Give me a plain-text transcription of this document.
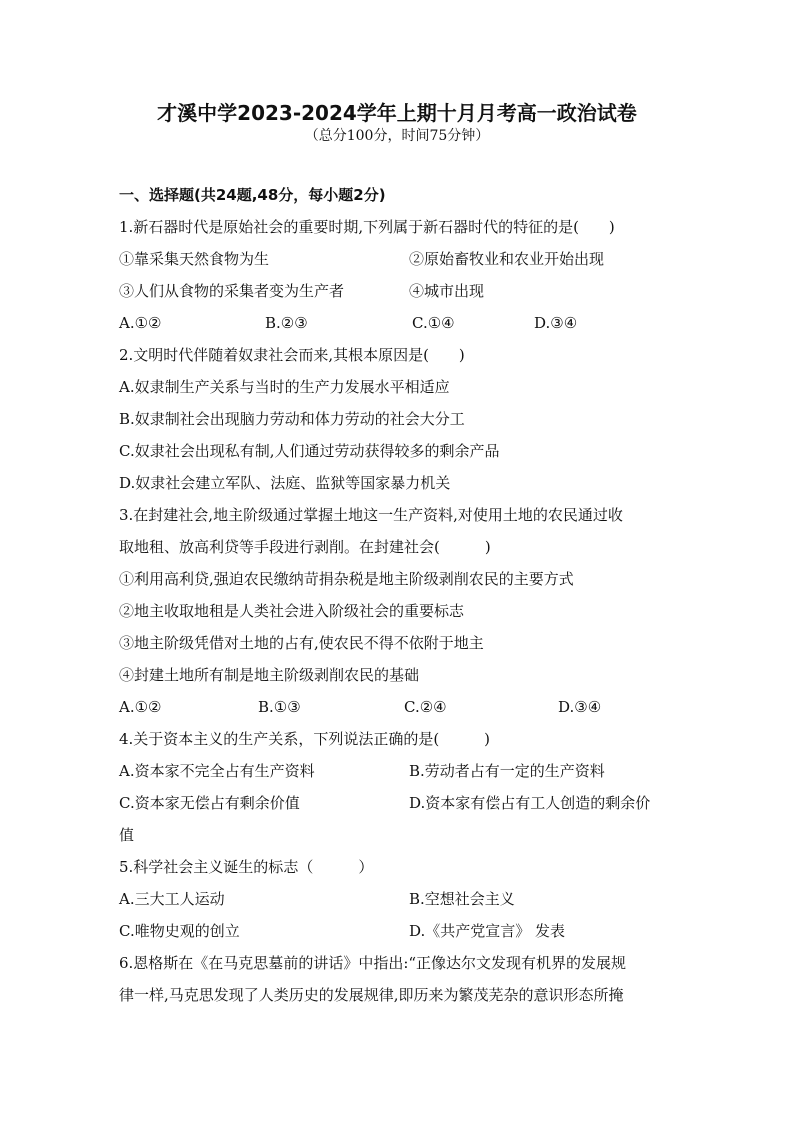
才溪中学2023-2024学年上期十月月考高一政治试卷
（总分100分，时间75分钟）
一、选择题(共24题,48分，每小题2分)
1.新石器时代是原始社会的重要时期,下列属于新石器时代的特征的是(　　)
①靠采集天然食物为生	②原始畜牧业和农业开始出现
③人们从食物的采集者变为生产者	④城市出现
A.①②	B.②③	C.①④	D.③④
2.文明时代伴随着奴隶社会而来,其根本原因是(　　)
A.奴隶制生产关系与当时的生产力发展水平相适应
B.奴隶制社会出现脑力劳动和体力劳动的社会大分工
C.奴隶社会出现私有制,人们通过劳动获得较多的剩余产品
D.奴隶社会建立军队、法庭、监狱等国家暴力机关
3.在封建社会,地主阶级通过掌握土地这一生产资料,对使用土地的农民通过收
取地租、放高利贷等手段进行剥削。在封建社会(　　　)
①利用高利贷,强迫农民缴纳苛捐杂税是地主阶级剥削农民的主要方式
②地主收取地租是人类社会进入阶级社会的重要标志
③地主阶级凭借对土地的占有,使农民不得不依附于地主
④封建土地所有制是地主阶级剥削农民的基础
A.①②	B.①③	C.②④	D.③④
4.关于资本主义的生产关系，下列说法正确的是(　　　)
A.资本家不完全占有生产资料	B.劳动者占有一定的生产资料
C.资本家无偿占有剩余价值	D.资本家有偿占有工人创造的剩余价
值
5.科学社会主义诞生的标志（　　　）
A.三大工人运动	B.空想社会主义
C.唯物史观的创立	D.《共产党宣言》 发表
6.恩格斯在《在马克思墓前的讲话》中指出:“正像达尔文发现有机界的发展规
律一样,马克思发现了人类历史的发展规律,即历来为繁茂芜杂的意识形态所掩
